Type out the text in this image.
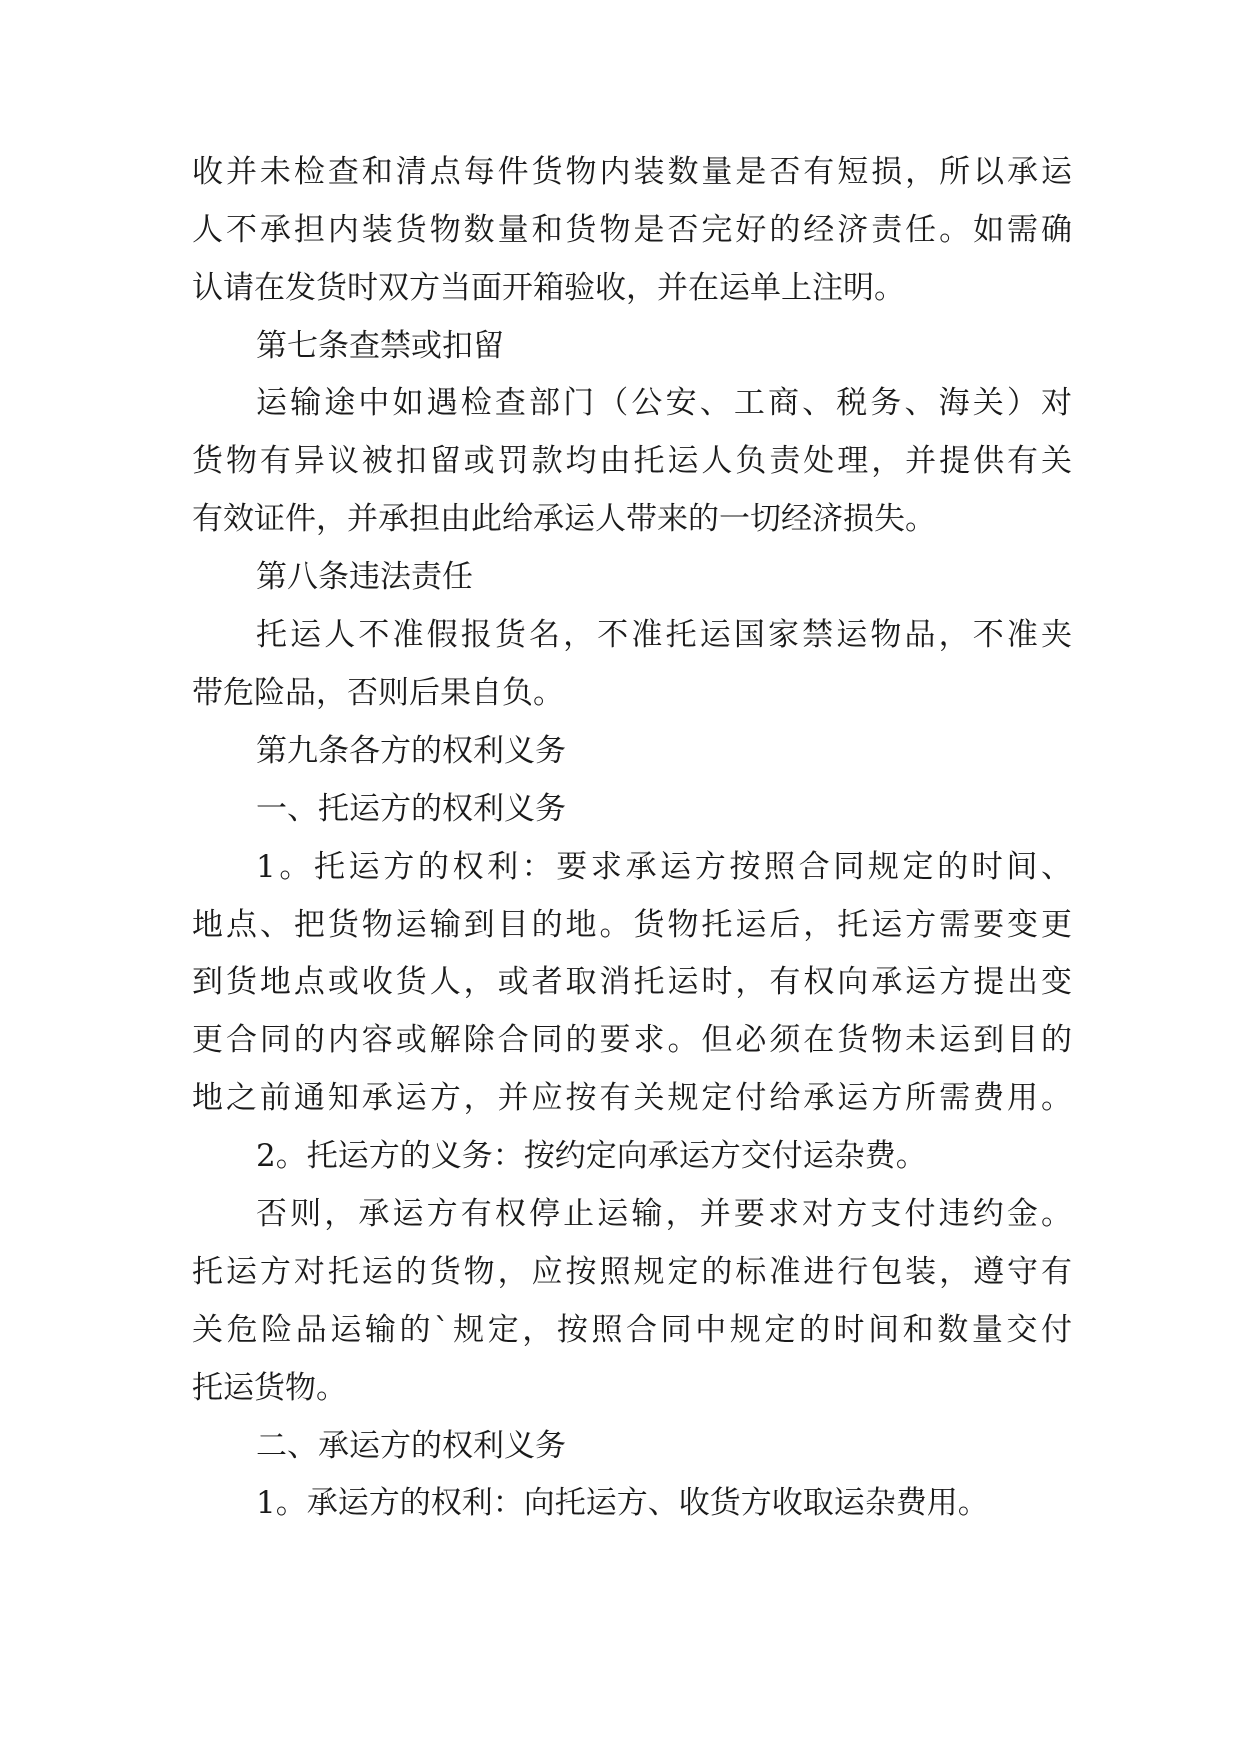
收并未检查和清点每件货物内装数量是否有短损，所以承运

人不承担内装货物数量和货物是否完好的经济责任。如需确

认请在发货时双方当面开箱验收，并在运单上注明。

第七条查禁或扣留

运输途中如遇检查部门（公安、工商、税务、海关）对

货物有异议被扣留或罚款均由托运人负责处理，并提供有关

有效证件，并承担由此给承运人带来的一切经济损失。

第八条违法责任

托运人不准假报货名，不准托运国家禁运物品，不准夹

带危险品，否则后果自负。

第九条各方的权利义务

一、托运方的权利义务

1。托运方的权利：要求承运方按照合同规定的时间、

地点、把货物运输到目的地。货物托运后，托运方需要变更

到货地点或收货人，或者取消托运时，有权向承运方提出变

更合同的内容或解除合同的要求。但必须在货物未运到目的

地之前通知承运方，并应按有关规定付给承运方所需费用。

2。托运方的义务：按约定向承运方交付运杂费。

否则，承运方有权停止运输，并要求对方支付违约金。

托运方对托运的货物，应按照规定的标准进行包装，遵守有

关危险品运输的`规定，按照合同中规定的时间和数量交付

托运货物。

二、承运方的权利义务

1。承运方的权利：向托运方、收货方收取运杂费用。
